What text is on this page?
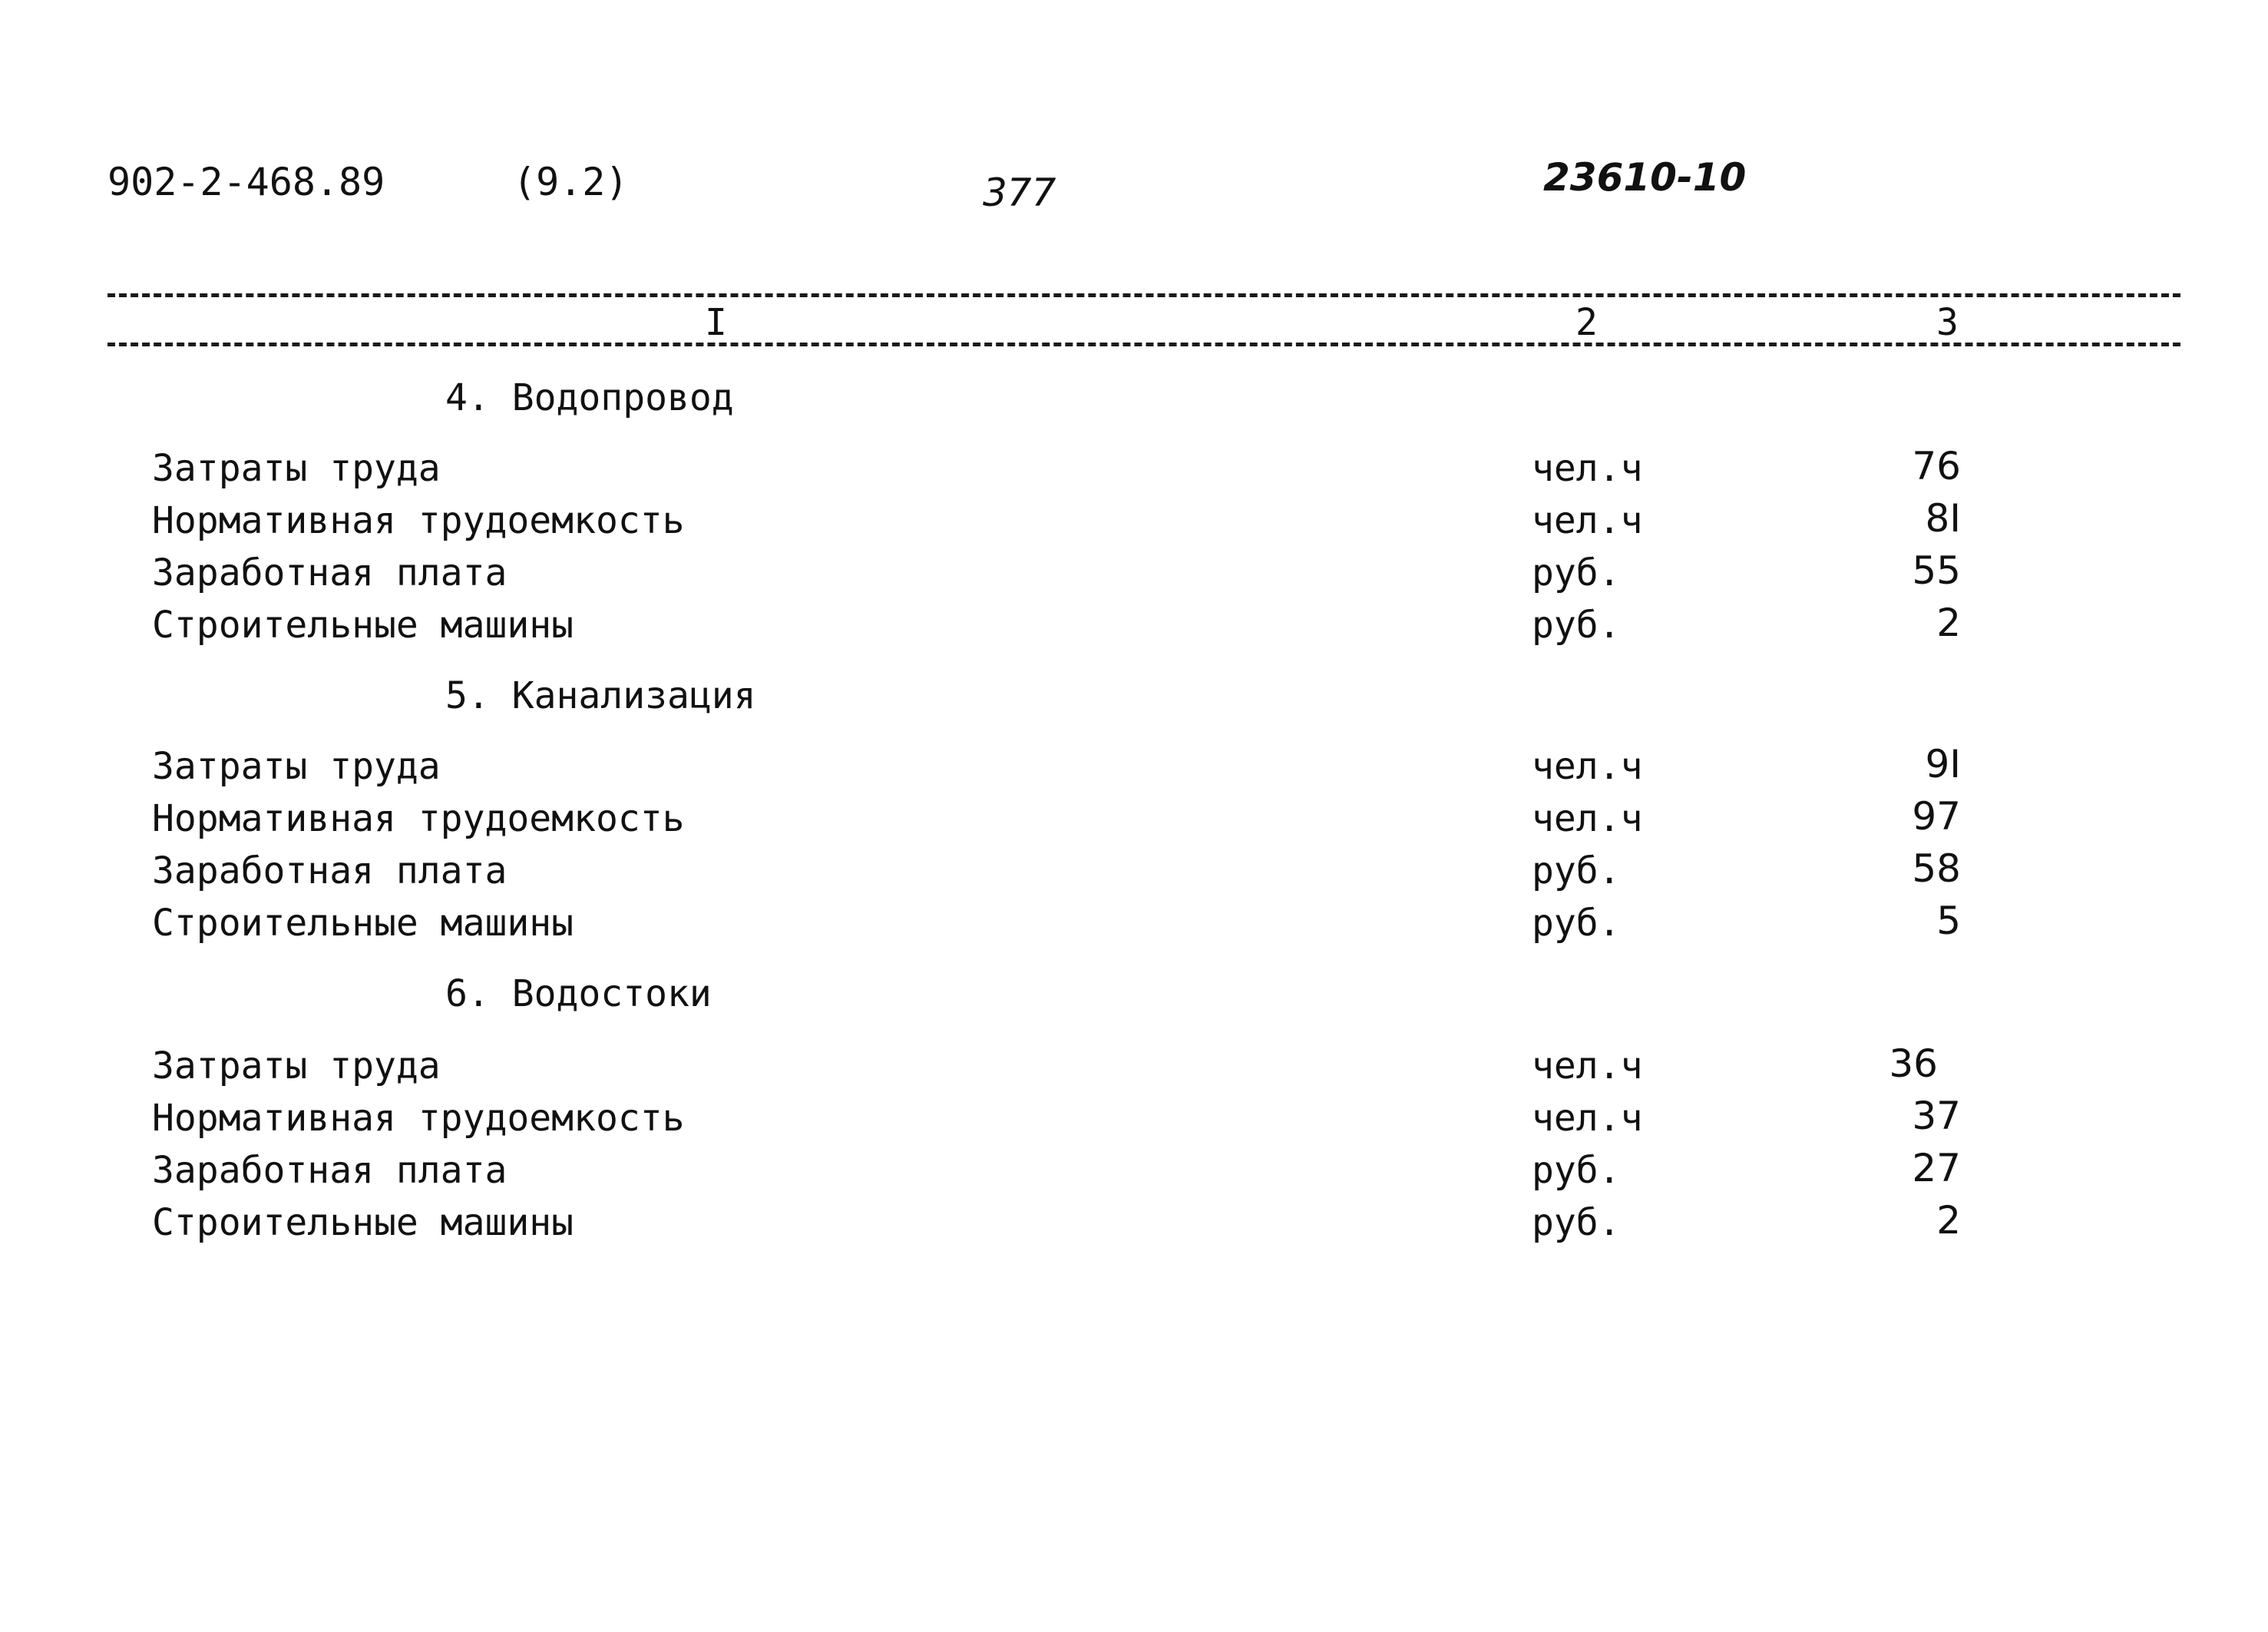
902-2-468.89	(9.2)	377	23610-10
I	2	3
4. Водопровод
Затраты труда	чел.ч	76
Нормативная трудоемкость	чел.ч	8I
Заработная плата	руб.	55
Строительные машины	руб.	2
5. Канализация
Затраты труда	чел.ч	9I
Нормативная трудоемкость	чел.ч	97
Заработная плата	руб.	58
Строительные машины	руб.	5
6. Водостоки
Затраты труда	чел.ч	36
Нормативная трудоемкость	чел.ч	37
Заработная плата	руб.	27
Строительные машины	руб.	2
